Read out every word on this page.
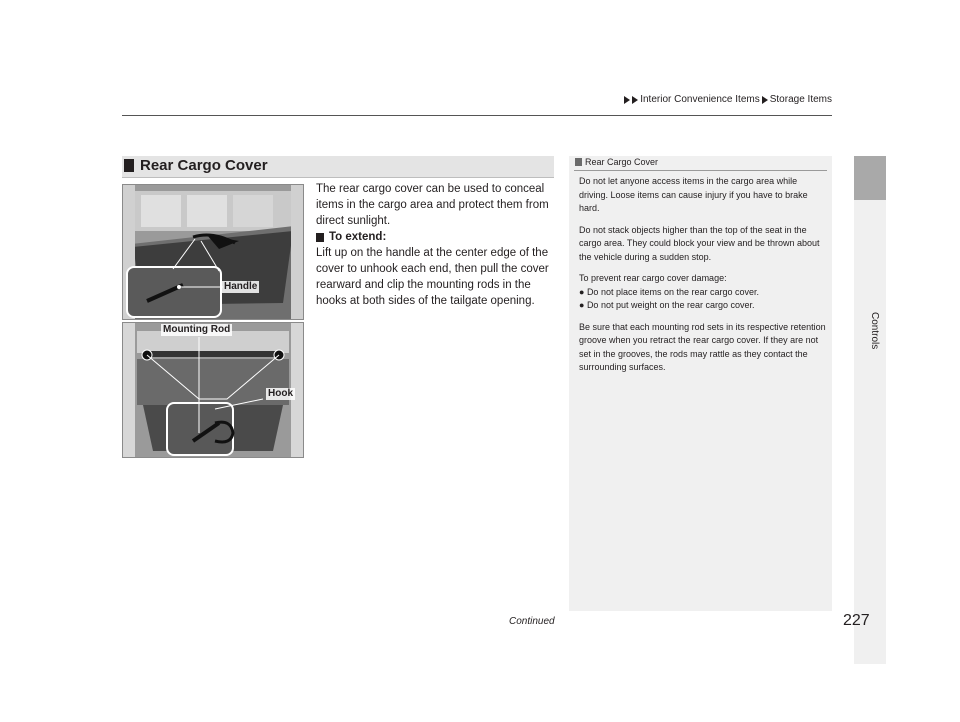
Interior Convenience Items Storage Items
Controls
Rear Cargo Cover
Handle
Mounting Rod
Hook

The rear cargo cover can be used to conceal items in the cargo area and protect them from direct sunlight.

To extend:

Lift up on the handle at the center edge of the cover to unhook each end, then pull the cover rearward and clip the mounting rods in the hooks at both sides of the tailgate opening.

Rear Cargo Cover

Do not let anyone access items in the cargo area while driving. Loose items can cause injury if you have to brake hard.

Do not stack objects higher than the top of the seat in the cargo area. They could block your view and be thrown about the vehicle during a sudden stop.

To prevent rear cargo cover damage:

● Do not place items on the rear cargo cover.

● Do not put weight on the rear cargo cover.

Be sure that each mounting rod sets in its respective retention groove when you retract the rear cargo cover. If they are not set in the grooves, the rods may rattle as they contact the surrounding surfaces.

Continued	227
